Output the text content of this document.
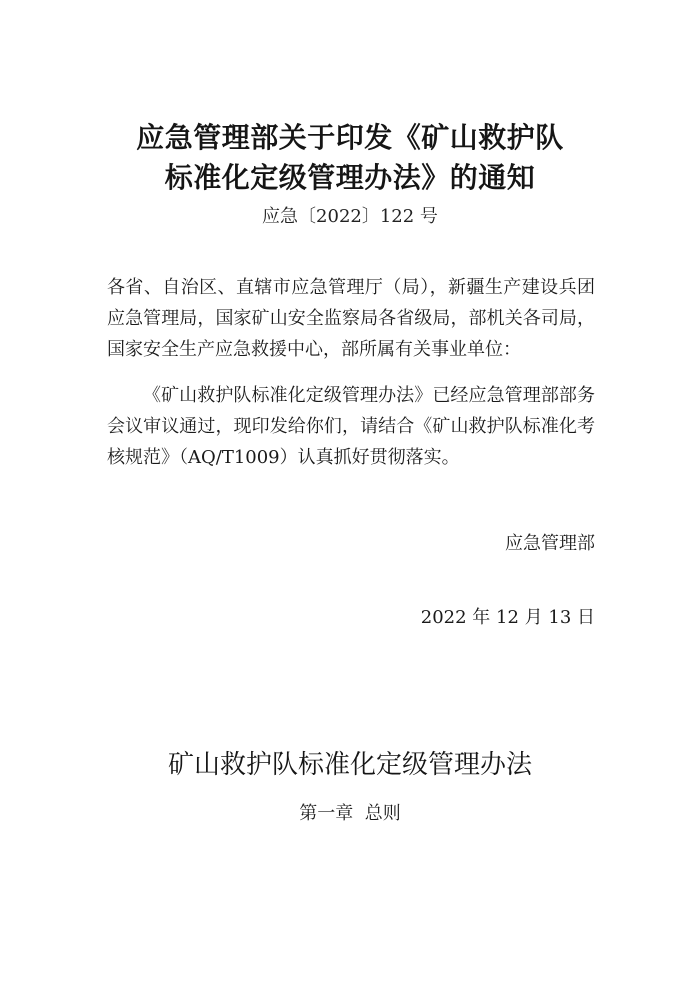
应急管理部关于印发《矿山救护队
标准化定级管理办法》的通知
应急〔2022〕122 号

各省、自治区、直辖市应急管理厅（局），新疆生产建设兵团应急管理局，国家矿山安全监察局各省级局，部机关各司局，国家安全生产应急救援中心，部所属有关事业单位：

《矿山救护队标准化定级管理办法》已经应急管理部部务会议审议通过，现印发给你们，请结合《矿山救护队标准化考核规范》（AQ/T1009）认真抓好贯彻落实。

应急管理部
2022 年 12 月 13 日
矿山救护队标准化定级管理办法
第一章  总则
